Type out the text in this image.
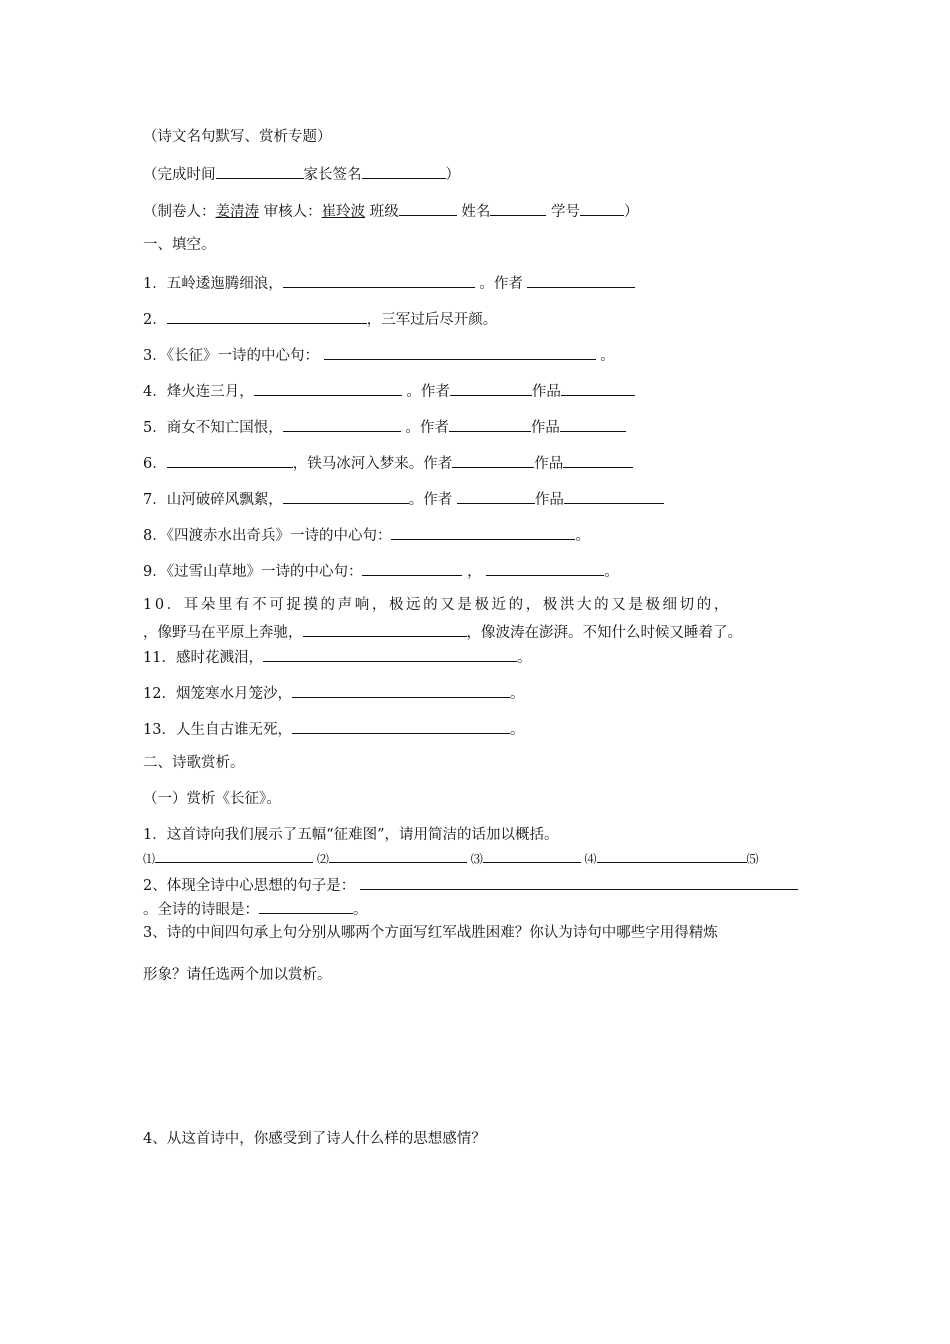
（诗文名句默写、赏析专题）
（完成时间	家长签名	）
（制卷人：姜清涛 审核人：崔玲波 班级	姓名	学号	）
一、填空。
1．五岭逶迤腾细浪，	。作者
2．	，三军过后尽开颜。
3．《长征》一诗的中心句：	。
4．烽火连三月，	。作者	作品
5．商女不知亡国恨，	。作者	作品
6．	，铁马冰河入梦来。作者	作品
7．山河破碎风飘絮，	。作者	作品
8．《四渡赤水出奇兵》一诗的中心句：	。
9．《过雪山草地》一诗的中心句：	，	。
10．耳朵里有不可捉摸的声响，极远的又是极近的，极洪大的又是极细切的，
，像野马在平原上奔驰，	，像波涛在澎湃。不知什么时候又睡着了。
11．感时花溅泪，	。
12．烟笼寒水月笼沙，	。
13．人生自古谁无死，	。
二、诗歌赏析。
（一）赏析《长征》。
1．这首诗向我们展示了五幅“征难图”，请用简洁的话加以概括。
⑴	⑵	⑶	⑷	⑸
2、体现全诗中心思想的句子是：
。全诗的诗眼是：	。
3、诗的中间四句承上句分别从哪两个方面写红军战胜困难？你认为诗句中哪些字用得精炼
形象？请任选两个加以赏析。
4、从这首诗中，你感受到了诗人什么样的思想感情？
